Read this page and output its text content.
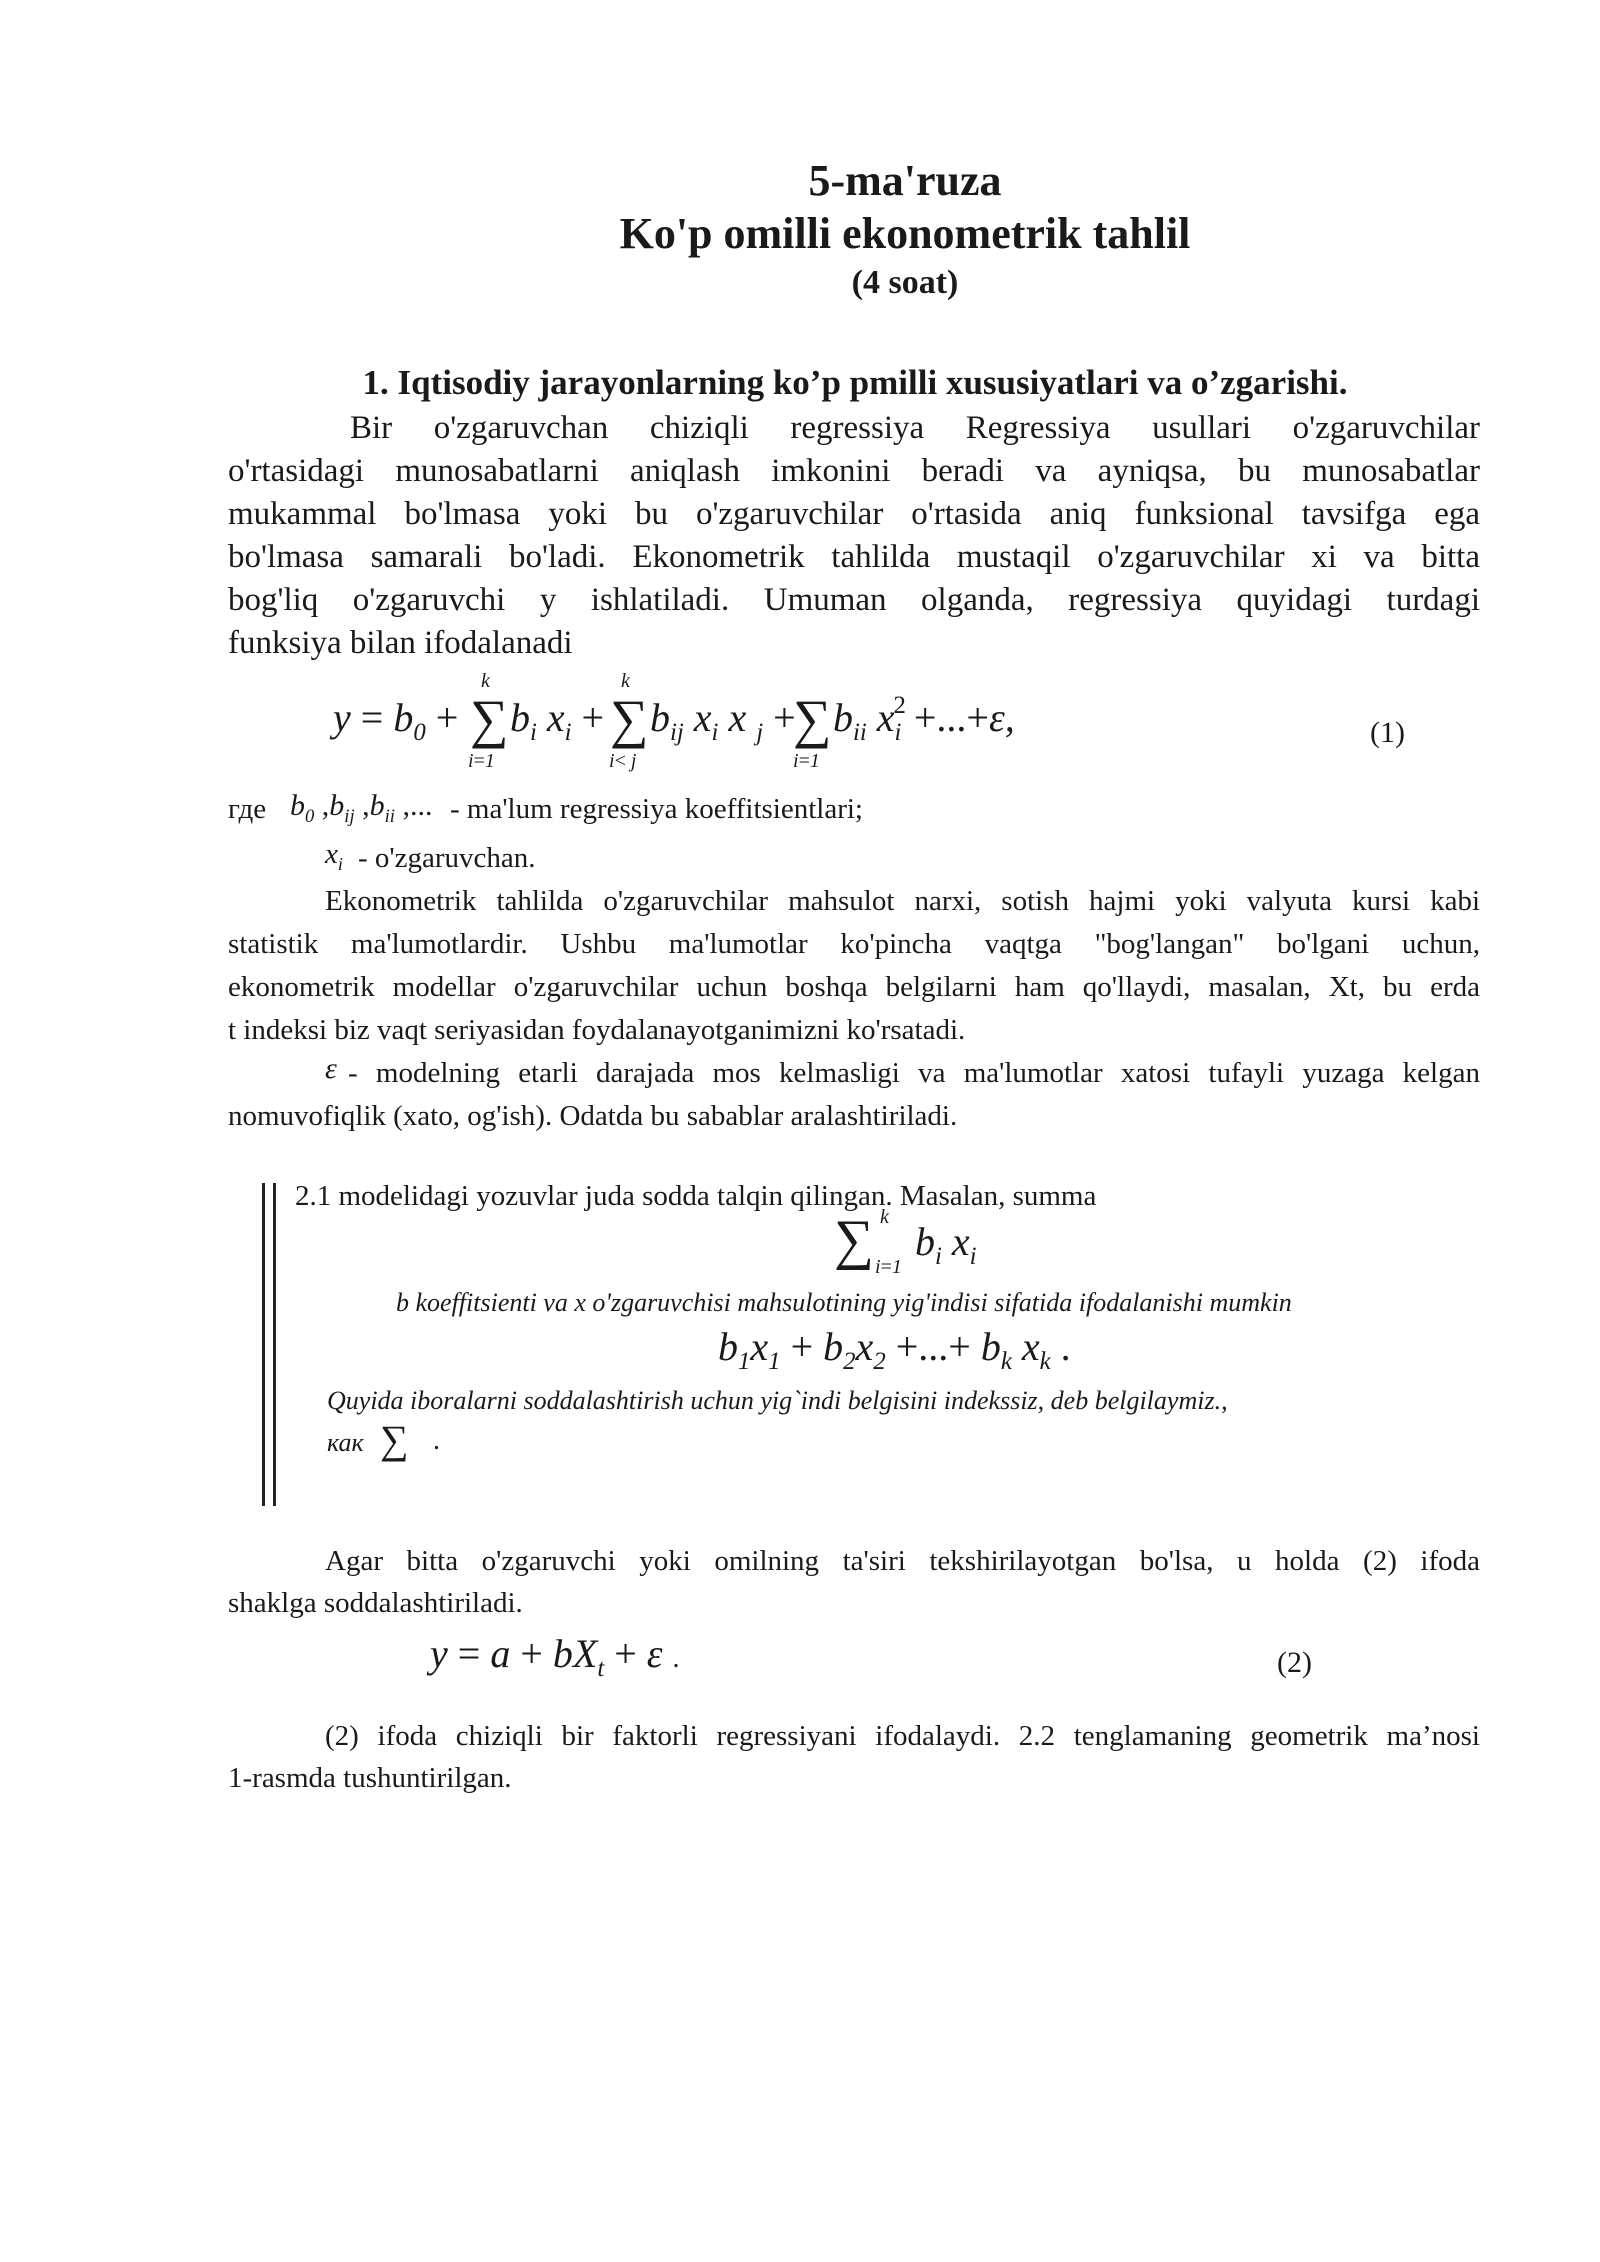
5-ma'ruza
Ko'p omilli ekonometrik tahlil
(4 soat)
1. Iqtisodiy jarayonlarning ko’p pmilli xususiyatlari va o’zgarishi.
Bir o'zgaruvchan chiziqli regressiya Regressiya usullari o'zgaruvchilar
o'rtasidagi munosabatlarni aniqlash imkonini beradi va ayniqsa, bu munosabatlar
mukammal bo'lmasa yoki bu o'zgaruvchilar o'rtasida aniq funksional tavsifga ega
bo'lmasa samarali bo'ladi. Ekonometrik tahlilda mustaqil o'zgaruvchilar xi va bitta
bog'liq o'zgaruvchi y ishlatiladi. Umuman olganda, regressiya quyidagi turdagi
funksiya bilan ifodalanadi
$y = b_0$ + ∑
k
i=1
$b_i$ $x_i$ + ∑
k
i< j
$b_{ij}$ $x_i$ x $_j$ +
∑
i=1
$b_{ii}$ $x_i^2 +...+\varepsilon$,	(1)
где $b_0$ $,b_{ij}$ $,b_{ii}$ ,... - ma'lum regressiya koeffitsientlari;
$x_i$ - o'zgaruvchan.
Ekonometrik tahlilda o'zgaruvchilar mahsulot narxi, sotish hajmi yoki valyuta kursi kabi
statistik ma'lumotlardir. Ushbu ma'lumotlar ko'pincha vaqtga "bog'langan" bo'lgani uchun,
ekonometrik modellar o'zgaruvchilar uchun boshqa belgilarni ham qo'llaydi, masalan, Xt, bu erda
t indeksi biz vaqt seriyasidan foydalanayotganimizni ko'rsatadi.
ε - modelning etarli darajada mos kelmasligi va ma'lumotlar xatosi tufayli yuzaga kelgan
nomuvofiqlik (xato, og'ish). Odatda bu sabablar aralashtiriladi.
2.1 modelidagi yozuvlar juda sodda talqin qilingan. Masalan, summa
∑ k
i=1
$b_i$ $x_i$
b koeffitsienti va x o'zgaruvchisi mahsulotining yig'indisi sifatida ifodalanishi mumkin
$b_1x_1 + b_2x_2$ +...+ $b_k$ $x_k$ .
Quyida iboralarni soddalashtirish uchun yig`indi belgisini indekssiz, deb belgilaymiz.,
как ∑ .
Agar bitta o'zgaruvchi yoki omilning ta'siri tekshirilayotgan bo'lsa, u holda (2) ifoda
shaklga soddalashtiriladi.
$y = a + bX_t + \varepsilon$ .	(2)
(2) ifoda chiziqli bir faktorli regressiyani ifodalaydi. 2.2 tenglamaning geometrik ma’nosi
1-rasmda tushuntirilgan.
